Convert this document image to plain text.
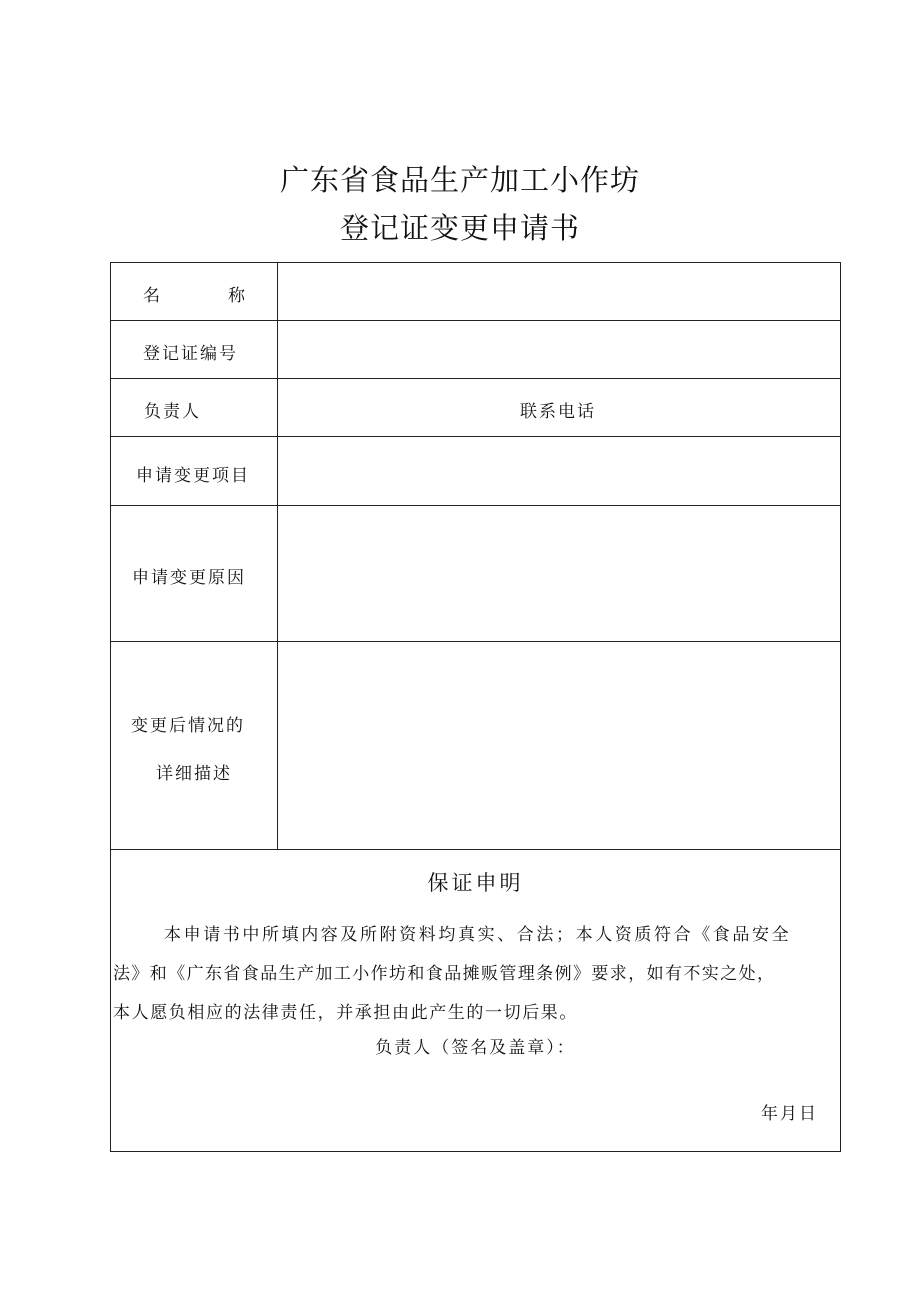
广东省食品生产加工小作坊
登记证变更申请书
名	称
登记证编号
负责人	联系电话
申请变更项目
申请变更原因
变更后情况的
详细描述
保证申明
本申请书中所填内容及所附资料均真实、合法；本人资质符合《食品安全
法》和《广东省食品生产加工小作坊和食品摊贩管理条例》要求，如有不实之处，
本人愿负相应的法律责任，并承担由此产生的一切后果。
负责人（签名及盖章）：
年月日
